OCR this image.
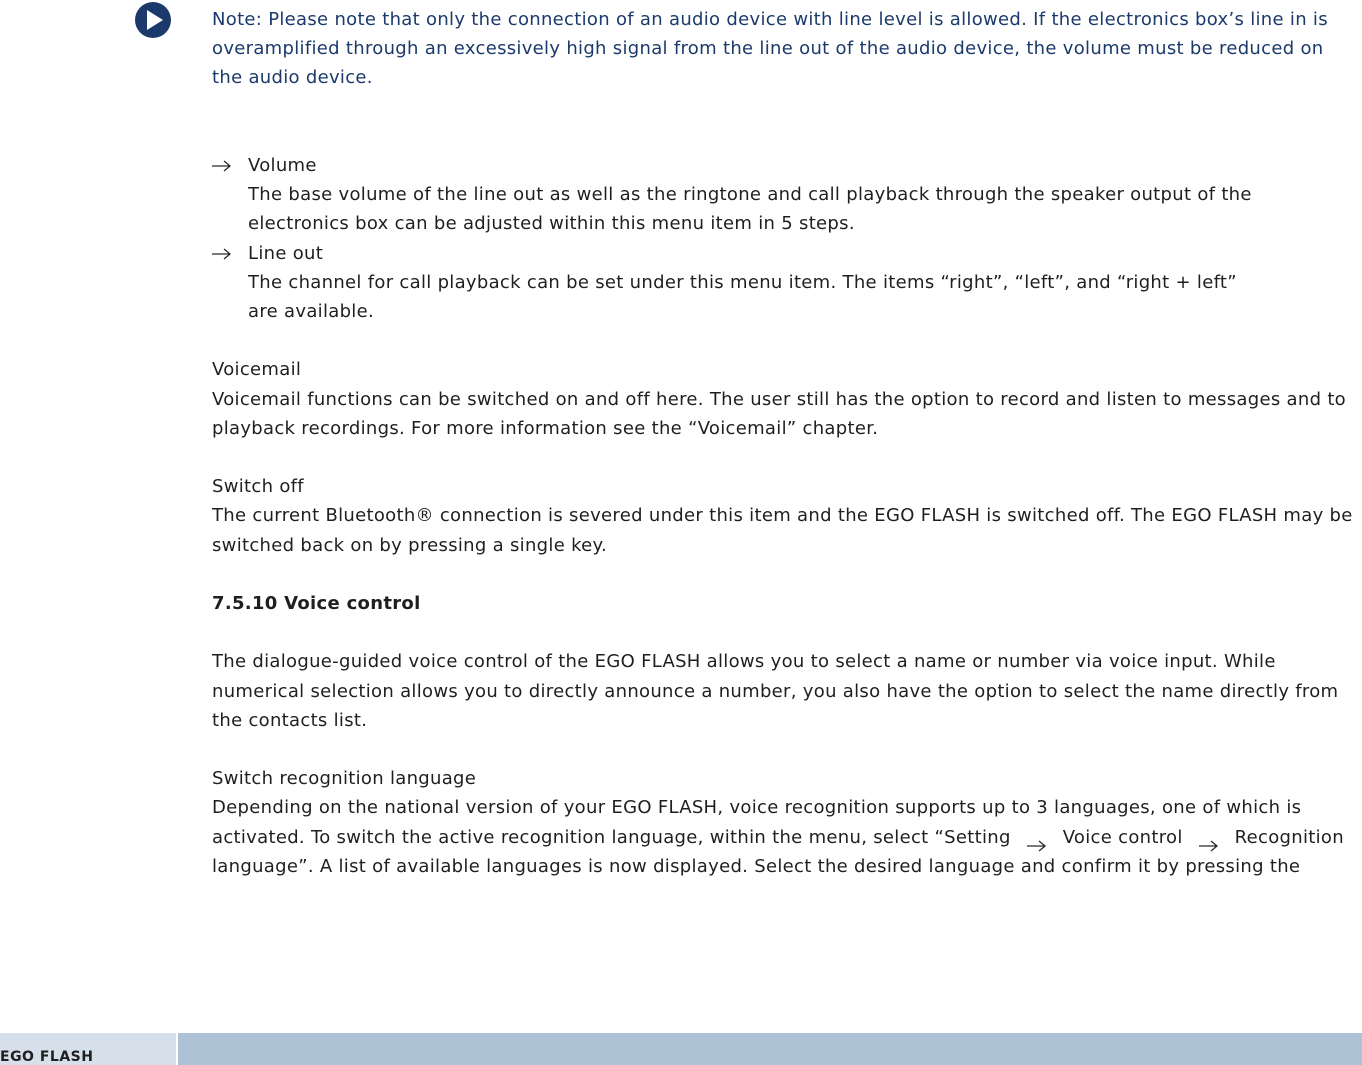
Note: Please note that only the connection of an audio device with line level is allowed. If the electronics box’s line in is overamplified through an excessively high signal from the line out of the audio device, the volume must be reduced on the audio device.

Volume

The base volume of the line out as well as the ringtone and call playback through the speaker output of the electronics box can be adjusted within this menu item in 5 steps.

Line out

The channel for call playback can be set under this menu item. The items “right”, “left”, and “right + left”

are available.

Voicemail

Voicemail functions can be switched on and off here. The user still has the option to record and listen to messages and to playback recordings. For more information see the “Voicemail” chapter.

Switch off

The current Bluetooth® connection is severed under this item and the EGO FLASH is switched off. The EGO FLASH may be switched back on by pressing a single key.

7.5.10 Voice control

The dialogue-guided voice control of the EGO FLASH allows you to select a name or number via voice input. While numerical selection allows you to directly announce a number, you also have the option to select the name directly from the contacts list.

Switch recognition language

Depending on the national version of your EGO FLASH, voice recognition supports up to 3 languages, one of which is activated. To switch the active recognition language, within the menu, select “Setting	Voice control	Recognition language”. A list of available languages is now displayed. Select the desired language and confirm it by pressing the

EGO FLASH
